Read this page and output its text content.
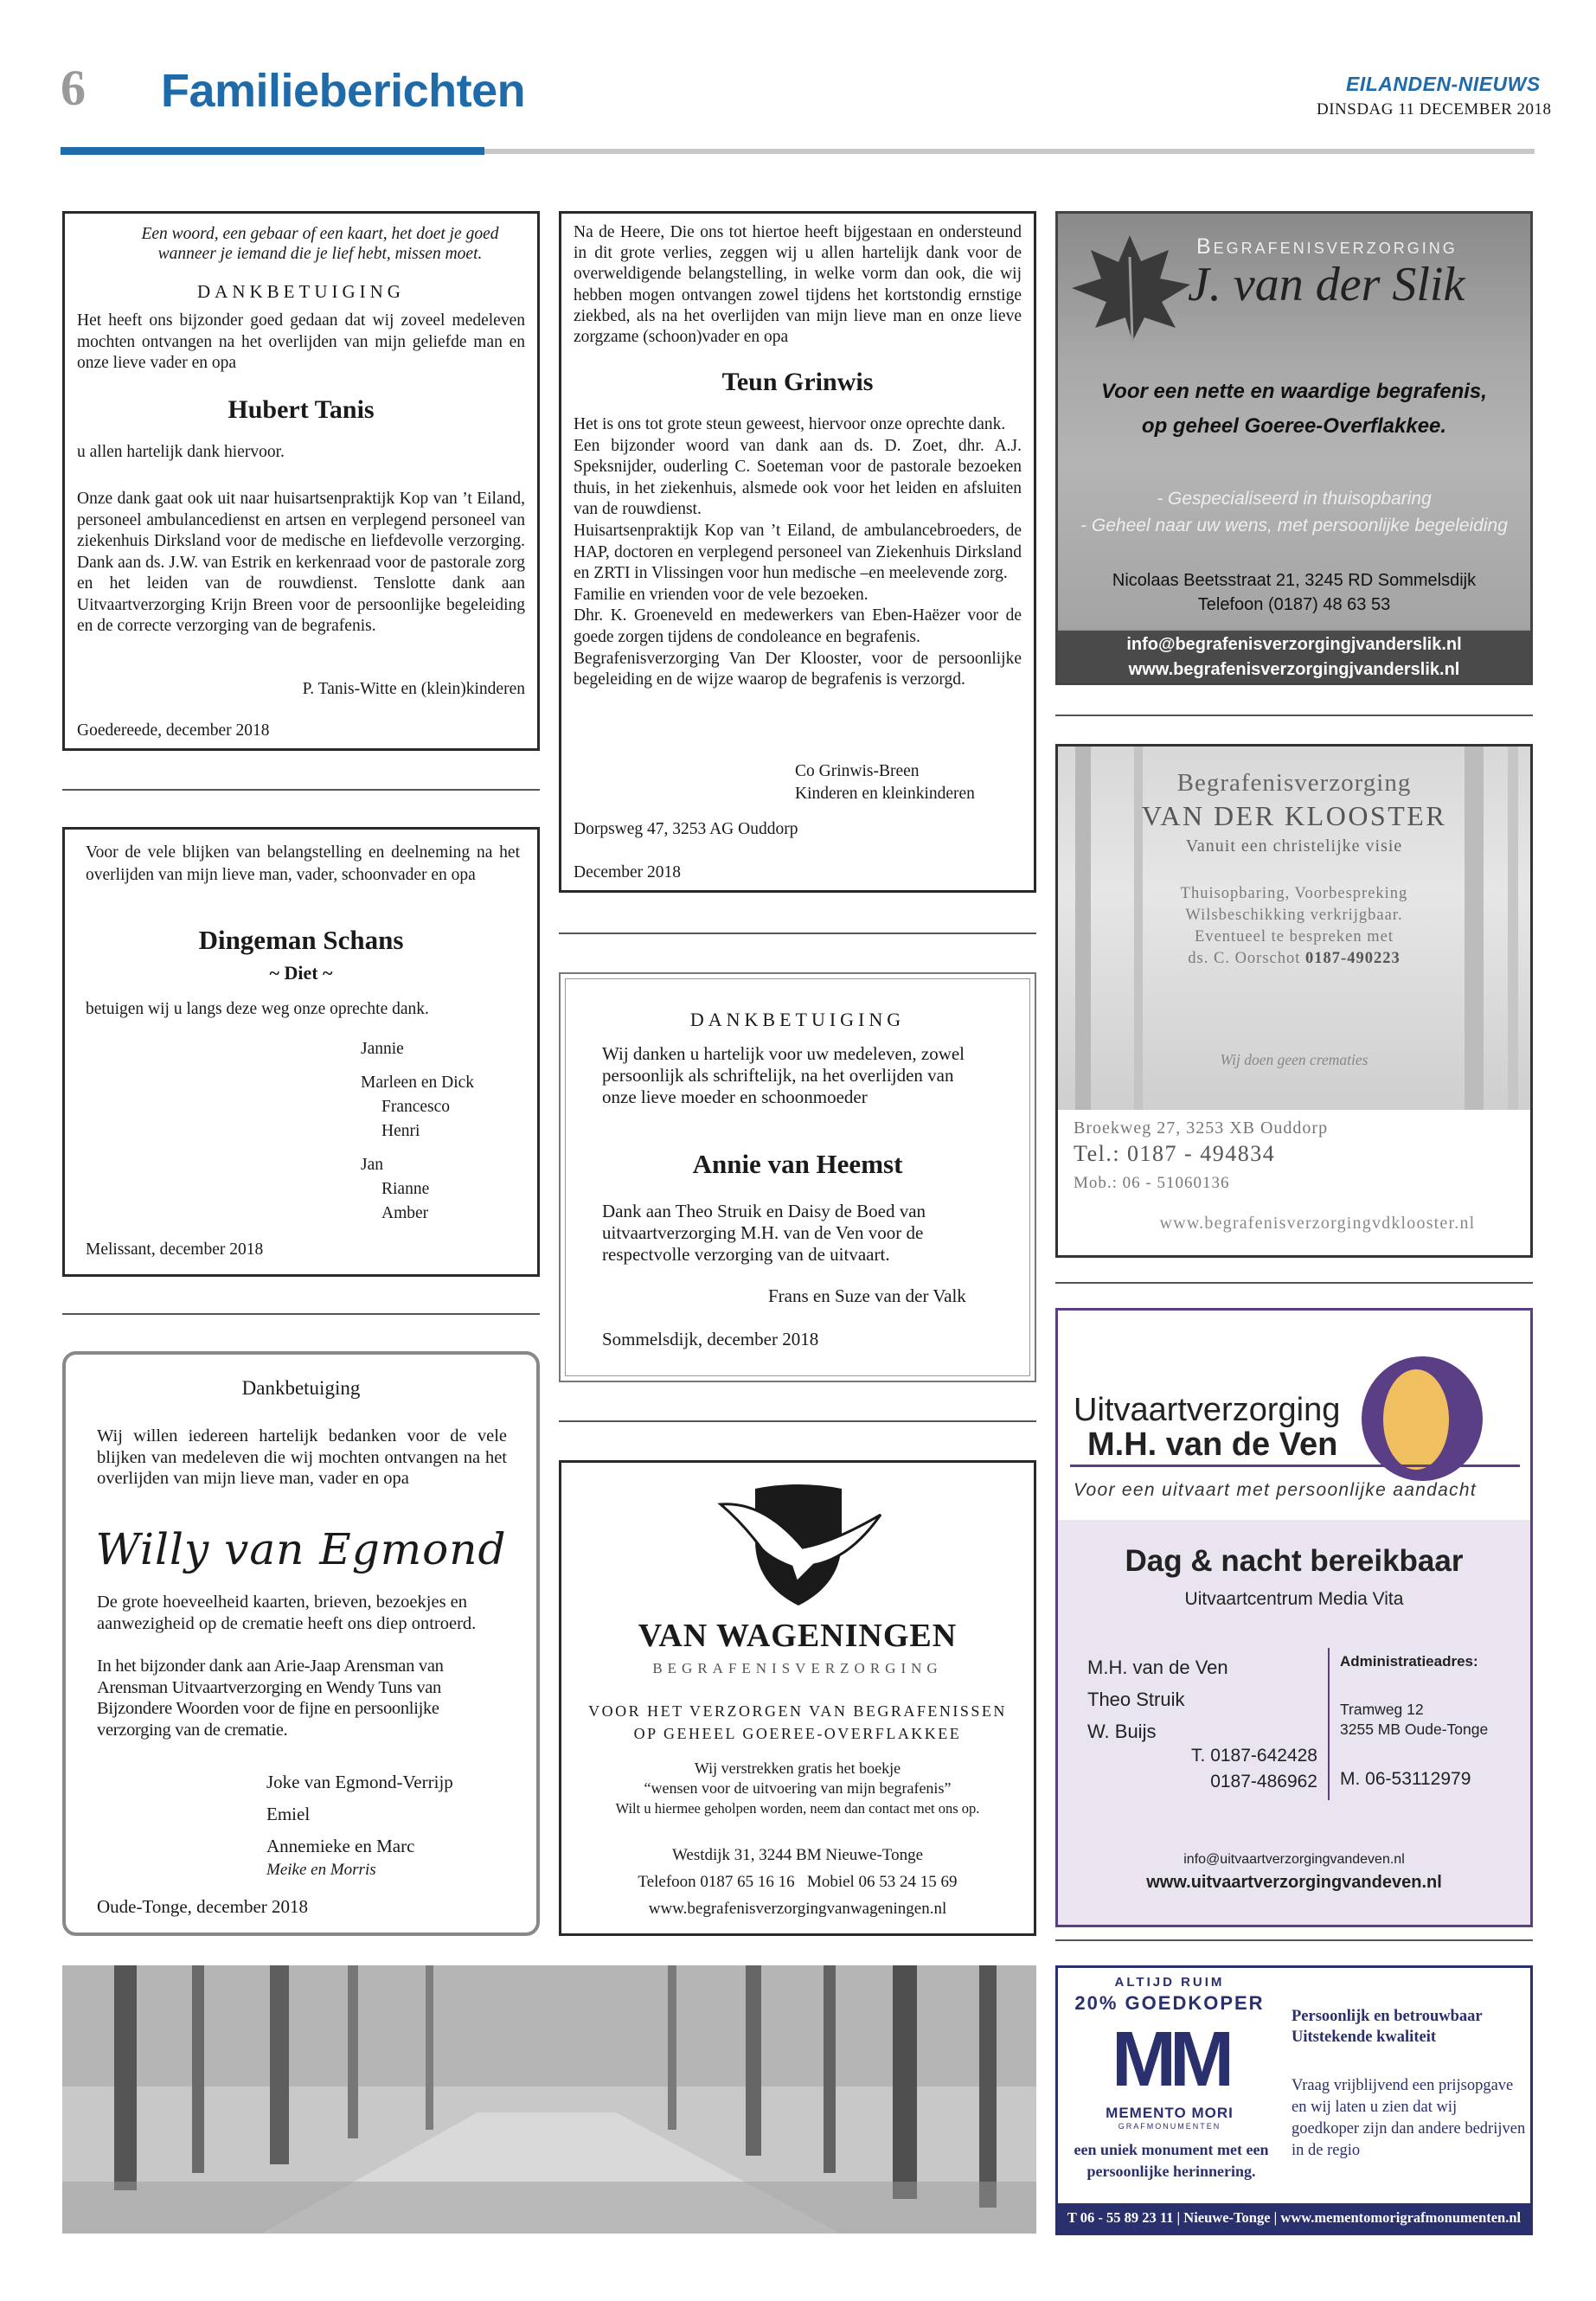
6 Familieberichten	EILANDEN-NIEUWS
DINSDAG 11 DECEMBER 2018
Een woord, een gebaar of een kaart, het doet je goed
wanneer je iemand die je lief hebt, missen moet.
DANKBETUIGING
Het heeft ons bijzonder goed gedaan dat wij zoveel medeleven mochten ontvangen na het overlijden van mijn geliefde man en onze lieve vader en opa
Hubert Tanis
u allen hartelijk dank hiervoor.
Onze dank gaat ook uit naar huisartsenpraktijk Kop van ’t Eiland, personeel ambulancedienst en artsen en verplegend personeel van ziekenhuis Dirksland voor de medische en liefdevolle verzorging. Dank aan ds. J.W. van Estrik en kerkenraad voor de pastorale zorg en het leiden van de rouwdienst. Tenslotte dank aan Uitvaartverzorging Krijn Breen voor de persoonlijke begeleiding en de correcte verzorging van de begrafenis.
P. Tanis-Witte en (klein)kinderen
Goedereede, december 2018
Voor de vele blijken van belangstelling en deelneming na het overlijden van mijn lieve man, vader, schoonvader en opa
Dingeman Schans
~ Diet ~
betuigen wij u langs deze weg onze oprechte dank.
Jannie
Marleen en Dick
Francesco
Henri
Jan
Rianne
Amber
Melissant, december 2018
Dankbetuiging
Wij willen iedereen hartelijk bedanken voor de vele blijken van medeleven die wij mochten ontvangen na het overlijden van mijn lieve man, vader en opa
Willy van Egmond
De grote hoeveelheid kaarten, brieven, bezoekjes en aanwezigheid op de crematie heeft ons diep ontroerd.
In het bijzonder dank aan Arie-Jaap Arensman van Arensman Uitvaartverzorging en Wendy Tuns van Bijzondere Woorden voor de fijne en persoonlijke verzorging van de crematie.
Joke van Egmond-Verrijp
Emiel
Annemieke en Marc
Meike en Morris
Oude-Tonge, december 2018
Na de Heere, Die ons tot hiertoe heeft bijgestaan en ondersteund in dit grote verlies, zeggen wij u allen hartelijk dank voor de overweldigende belangstelling, in welke vorm dan ook, die wij hebben mogen ontvangen zowel tijdens het kortstondig ernstige ziekbed, als na het overlijden van mijn lieve man en onze lieve zorgzame (schoon)vader en opa
Teun Grinwis
Het is ons tot grote steun geweest, hiervoor onze oprechte dank.
Een bijzonder woord van dank aan ds. D. Zoet, dhr. A.J. Speksnijder, ouderling C. Soeteman voor de pastorale bezoeken thuis, in het ziekenhuis, alsmede ook voor het leiden en afsluiten van de rouwdienst.
Huisartsenpraktijk Kop van ’t Eiland, de ambulancebroeders, de HAP, doctoren en verplegend personeel van Ziekenhuis Dirksland en ZRTI in Vlissingen voor hun medische –en meelevende zorg.
Familie en vrienden voor de vele bezoeken.
Dhr. K. Groeneveld en medewerkers van Eben-Haëzer voor de goede zorgen tijdens de condoleance en begrafenis.
Begrafenisverzorging Van Der Klooster, voor de persoonlijke begeleiding en de wijze waarop de begrafenis is verzorgd.
Co Grinwis-Breen
Kinderen en kleinkinderen
Dorpsweg 47, 3253 AG Ouddorp
December 2018
DANKBETUIGING
Wij danken u hartelijk voor uw medeleven, zowel persoonlijk als schriftelijk, na het overlijden van onze lieve moeder en schoonmoeder
Annie van Heemst
Dank aan Theo Struik en Daisy de Boed van uitvaartverzorging M.H. van de Ven voor de respectvolle verzorging van de uitvaart.
Frans en Suze van der Valk
Sommelsdijk, december 2018
VAN WAGENINGEN
BEGRAFENISVERZORGING
VOOR HET VERZORGEN VAN BEGRAFENISSEN
OP GEHEEL GOEREE-OVERFLAKKEE
Wij verstrekken gratis het boekje
“wensen voor de uitvoering van mijn begrafenis”
Wilt u hiermee geholpen worden, neem dan contact met ons op.
Westdijk 31, 3244 BM Nieuwe-Tonge
Telefoon 0187 65 16 16   Mobiel 06 53 24 15 69
www.begrafenisverzorgingvanwageningen.nl
Begrafenisverzorging
J. van der Slik
Voor een nette en waardige begrafenis,
op geheel Goeree-Overflakkee.
- Gespecialiseerd in thuisopbaring
- Geheel naar uw wens, met persoonlijke begeleiding
Nicolaas Beetsstraat 21, 3245 RD Sommelsdijk
Telefoon (0187) 48 63 53
info@begrafenisverzorgingjvanderslik.nl
www.begrafenisverzorgingjvanderslik.nl
Begrafenisverzorging
VAN DER KLOOSTER
Vanuit een christelijke visie
Thuisopbaring, Voorbespreking
Wilsbeschikking verkrijgbaar.
Eventueel te bespreken met
ds. C. Oorschot 0187-490223
Wij doen geen crematies
Broekweg 27, 3253 XB Ouddorp
Tel.: 0187 - 494834
Mob.: 06 - 51060136
www.begrafenisverzorgingvdklooster.nl
Uitvaartverzorging
M.H. van de Ven
Voor een uitvaart met persoonlijke aandacht
Dag & nacht bereikbaar
Uitvaartcentrum Media Vita
M.H. van de Ven
Theo Struik
W. Buijs
T. 0187-642428
0187-486962
Administratieadres:
Tramweg 12
3255 MB Oude-Tonge
M. 06-53112979
info@uitvaartverzorgingvandeven.nl
www.uitvaartverzorgingvandeven.nl
ALTIJD RUIM
20% GOEDKOPER
MM
MEMENTO MORI
GRAFMONUMENTEN
een uniek monument met een
persoonlijke herinnering.
Persoonlijk en betrouwbaar
Uitstekende kwaliteit
Vraag vrijblijvend een prijsopgave en wij laten u zien dat wij goedkoper zijn dan andere bedrijven in de regio
T 06 - 55 89 23 11 | Nieuwe-Tonge | www.mementomorigrafmonumenten.nl
